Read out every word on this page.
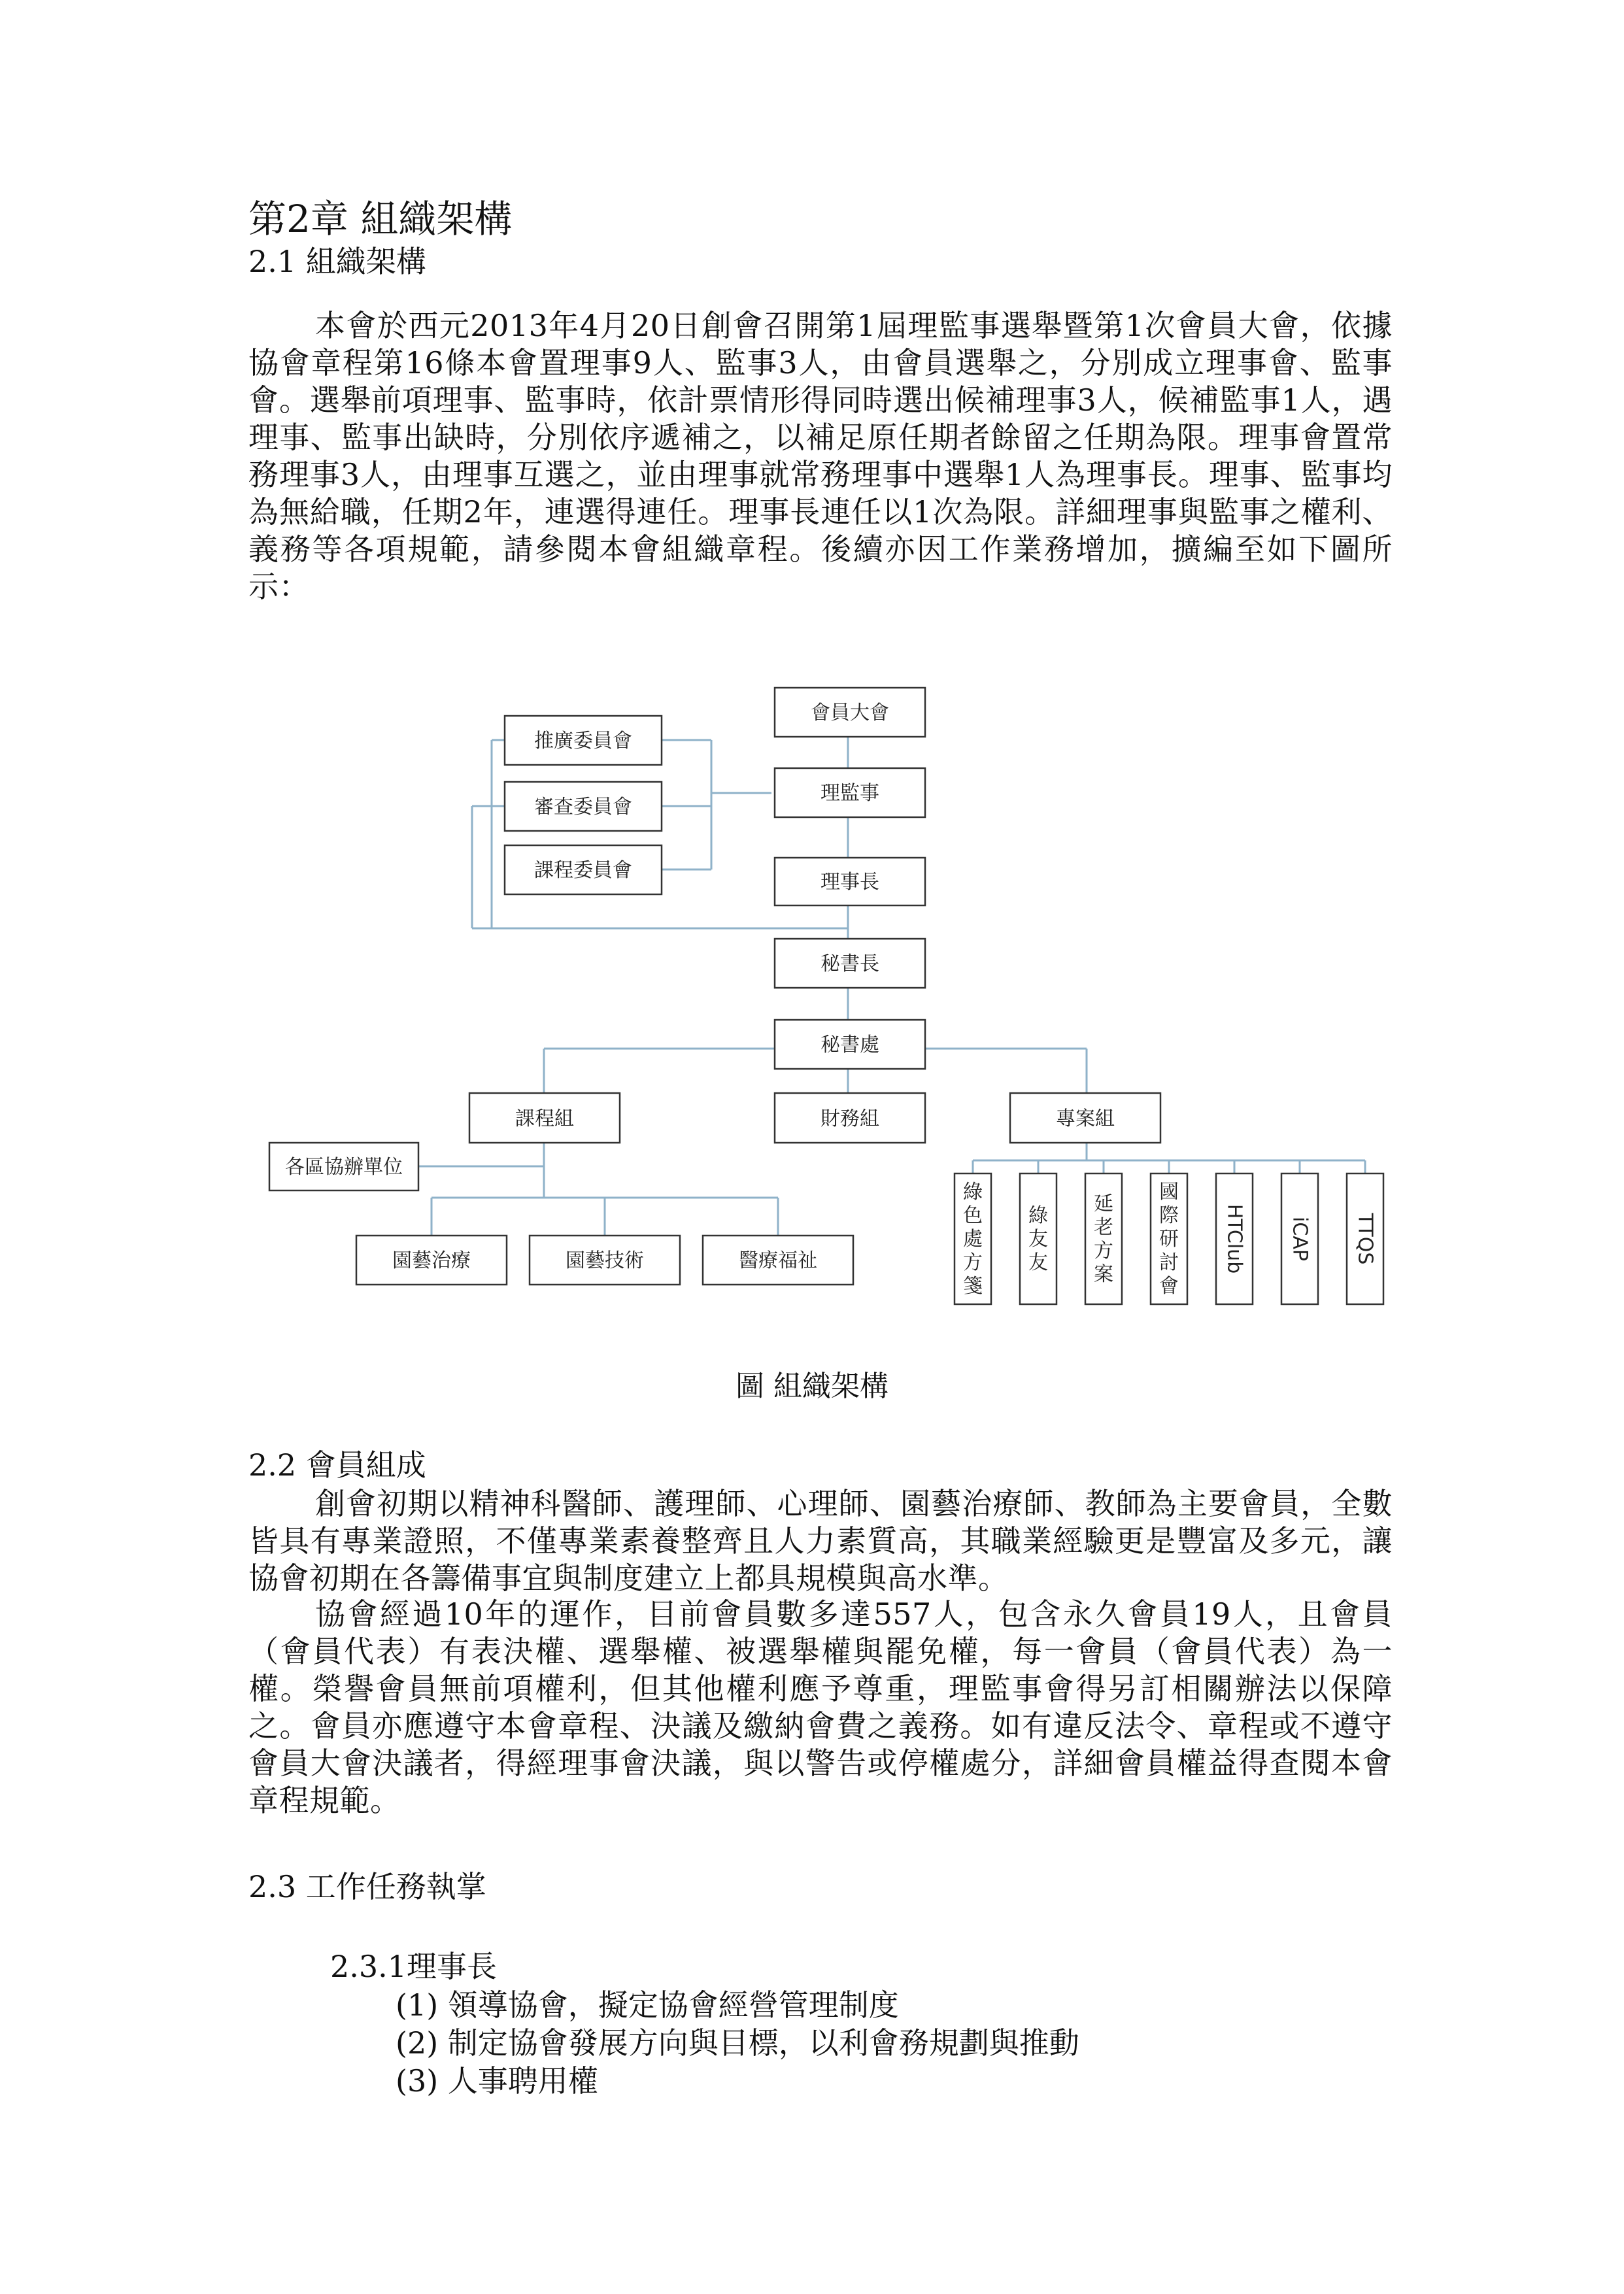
第2章 組織架構
2.1 組織架構

本會於西元2013年4月20日創會召開第1屆理監事選舉暨第1次會員大會，依據協會章程第16條本會置理事9人、監事3人，由會員選舉之，分別成立理事會、監事會。選舉前項理事、監事時，依計票情形得同時選出候補理事3人，候補監事1人，遇理事、監事出缺時，分別依序遞補之，以補足原任期者餘留之任期為限。理事會置常務理事3人，由理事互選之，並由理事就常務理事中選舉1人為理事長。理事、監事均為無給職，任期2年，連選得連任。理事長連任以1次為限。詳細理事與監事之權利、義務等各項規範，請參閱本會組織章程。後續亦因工作業務增加，擴編至如下圖所示：

會員大會
理監事
理事長
秘書長
秘書處
推廣委員會
審查委員會
課程委員會
課程組	財務組	專案組
各區協辦單位
園藝治療	園藝技術	醫療福祉
綠色處方箋
綠友友
延老方案
國際研討會
HTClub iCAP TTQS
圖 組織架構
2.2 會員組成

創會初期以精神科醫師、護理師、心理師、園藝治療師、教師為主要會員，全數皆具有專業證照，不僅專業素養整齊且人力素質高，其職業經驗更是豐富及多元，讓協會初期在各籌備事宜與制度建立上都具規模與高水準。

協會經過10年的運作，目前會員數多達557人，包含永久會員19人，且會員（會員代表）有表決權、選舉權、被選舉權與罷免權，每一會員（會員代表）為一權。榮譽會員無前項權利，但其他權利應予尊重，理監事會得另訂相關辦法以保障之。會員亦應遵守本會章程、決議及繳納會費之義務。如有違反法令、章程或不遵守會員大會決議者，得經理事會決議，與以警告或停權處分，詳細會員權益得查閱本會章程規範。

2.3 工作任務執掌
2.3.1理事長
(1) 領導協會，擬定協會經營管理制度
(2) 制定協會發展方向與目標，以利會務規劃與推動
(3) 人事聘用權
